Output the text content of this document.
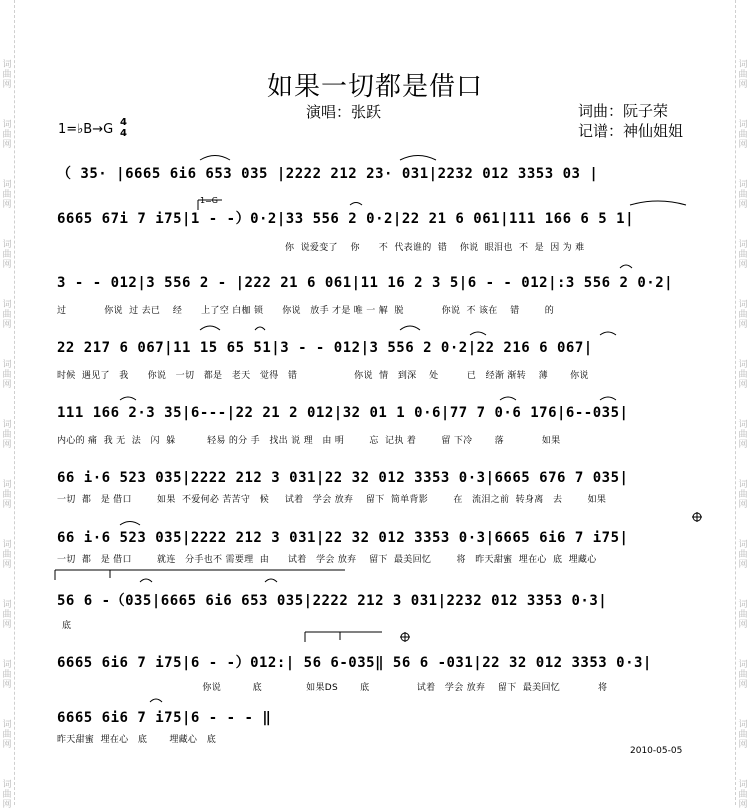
词
曲
网
词
曲
网
词
曲
网
词
曲
网
词
曲
网
词
曲
网
词
曲
网
词
曲
网
词
曲
网
词
曲
网
词
曲
网
词
曲
网
词
曲
网
词
曲
网
词
曲
网
词
曲
网
词
曲
网
词
曲
网
词
曲
网
词
曲
网
词
曲
网
词
曲
网
词
曲
网
词
曲
网
词
曲
网
词
曲
网
如果一切都是借口
演唱：张跃	词曲：阮子荣
记谱：神仙姐姐
1=♭B→G 4
4
1=G
（ 35· |6665 6i6 653 035 |2222 212 23· 031|2232 012 3353 03 |
6665 67i 7 i75|1 - -）0·2|33 556 2 0·2|22 21 6 061|111 166 6 5 1|
你  说爱变了    你      不  代表谁的  错    你说  眼泪也  不  是  因 为 难
3 - - 012|3 556 2 - |222 21 6 061|11 16 2 3 5|6 - - 012|:3 556 2 0·2|
过            你说  过 去已    经      上了空 白枷 锁      你说   放手 才是 唯 一 解  脱            你说  不 该在    错        的
22 217 6 067|11 15 65 51|3 - - 012|3 556 2 0·2|22 216 6 067|
时候  遇见了   我      你说   一切   都是   老天   觉得   错                  你说  情   到深    处         已   经渐 渐转    薄       你说
111 166 2·3 35|6---|22 21 2 012|32 01 1 0·6|77 7 0·6 176|6--035|
内心的 痛  我 无  法   闪  躲          轻易 的分 手   找出 说 理   由 明        忘  记执 着        留 下冷       落            如果
66 i·6 523 035|2222 212 3 031|22 32 012 3353 0·3|6665 676 7 035|
一切  都   是 借口        如果  不爱何必 苦苦守   候     试着   学会 放弃    留下  简单背影        在   流泪之前  转身离   去        如果
66 i·6 523 035|2222 212 3 031|22 32 012 3353 0·3|6665 6i6 7 i75|
一切  都   是 借口        就连   分手也不 需要理  由      试着   学会 放弃    留下  最美回忆        将   昨天甜蜜  埋在心  底  埋藏心
56 6 -（035|6665 6i6 653 035|2222 212 3 031|2232 012 3353 0·3|
底
6665 6i6 7 i75|6 - -）012:| 56 6-035‖ 56 6 -031|22 32 012 3353 0·3|
你说          底              如果DS       底               试着   学会 放弃    留下  最美回忆            将
6665 6i6 7 i75|6 - - - ‖
昨天甜蜜  埋在心   底       埋藏心   底
2010-05-05
